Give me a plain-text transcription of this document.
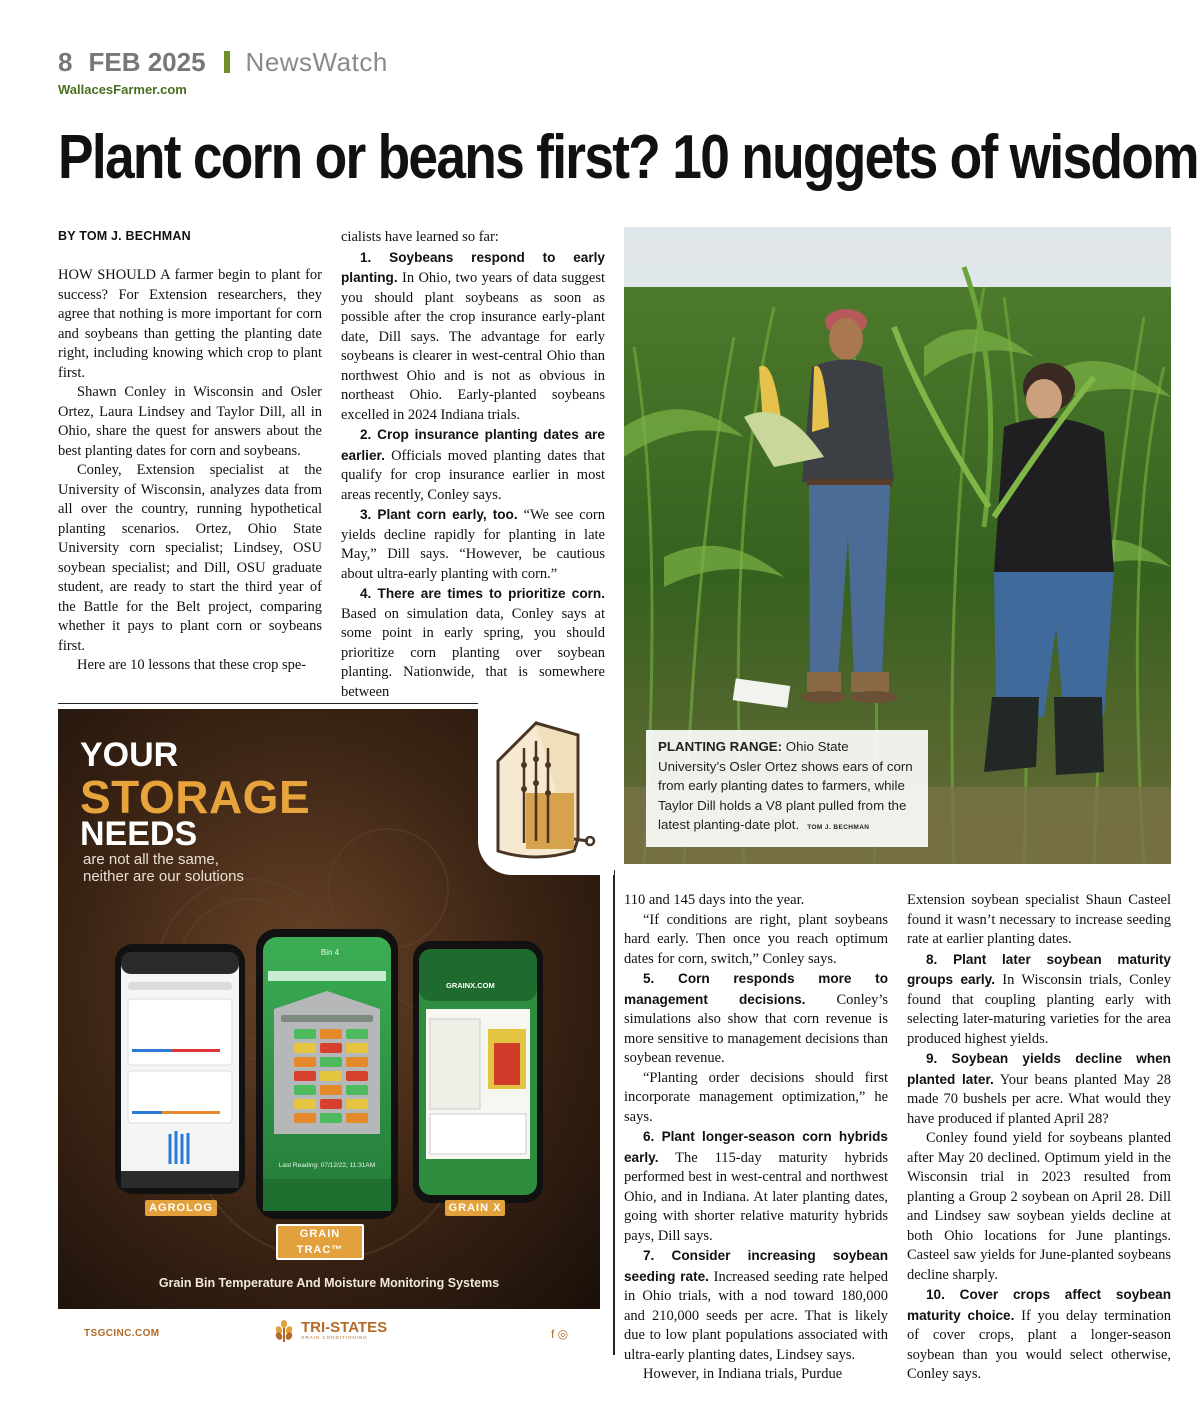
8 FEB 2025 NewsWatch
WallacesFarmer.com
Plant corn or beans first? 10 nuggets of wisdom
BY TOM J. BECHMAN

HOW SHOULD A farmer begin to plant for success? For Extension researchers, they agree that nothing is more important for corn and soybeans than getting the planting date right, including knowing which crop to plant first.

Shawn Conley in Wisconsin and Osler Ortez, Laura Lindsey and Taylor Dill, all in Ohio, share the quest for answers about the best planting dates for corn and soybeans.

Conley, Extension specialist at the University of Wisconsin, analyzes data from all over the country, running hypothetical planting scenarios. Ortez, Ohio State University corn specialist; Lindsey, OSU soybean specialist; and Dill, OSU graduate student, are ready to start the third year of the Battle for the Belt project, comparing whether it pays to plant corn or soybeans first.

Here are 10 lessons that these crop spe-

cialists have learned so far:

1. Soybeans respond to early planting. In Ohio, two years of data suggest you should plant soybeans as soon as possible after the crop insurance early-plant date, Dill says. The advantage for early soybeans is clearer in west-central Ohio than northwest Ohio and is not as obvious in northeast Ohio. Early-planted soybeans excelled in 2024 Indiana trials.

2. Crop insurance planting dates are earlier. Officials moved planting dates that qualify for crop insurance earlier in most areas recently, Conley says.

3. Plant corn early, too. “We see corn yields decline rapidly for planting in late May,” Dill says. “However, be cautious about ultra-early planting with corn.”

4. There are times to prioritize corn. Based on simulation data, Conley says at some point in early spring, you should prioritize corn planting over soybean planting. Nationwide, that is somewhere between

PLANTING RANGE: Ohio State University’s Osler Ortez shows ears of corn from early planting dates to farmers, while Taylor Dill holds a V8 plant pulled from the latest planting-date plot. TOM J. BECHMAN
YOUR
STORAGE
NEEDS
are not all the same,
neither are our solutions
Bin 4
Last Reading: 07/12/22, 11:31AM
GRAINX.COM
AGROLOG
GRAIN TRAC™
GRAIN X
Grain Bin Temperature And Moisture Monitoring Systems
TSGCINC.COM
	TRI-STATES
GRAIN CONDITIONING	f ◎

110 and 145 days into the year.

“If conditions are right, plant soybeans hard early. Then once you reach optimum dates for corn, switch,” Conley says.

5. Corn responds more to management decisions. Conley’s simulations also show that corn revenue is more sensitive to management decisions than soybean revenue.

“Planting order decisions should first incorporate management optimization,” he says.

6. Plant longer-season corn hybrids early. The 115-day maturity hybrids performed best in west-central and northwest Ohio, and in Indiana. At later planting dates, going with shorter relative maturity hybrids pays, Dill says.

7. Consider increasing soybean seeding rate. Increased seeding rate helped in Ohio trials, with a nod toward 180,000 and 210,000 seeds per acre. That is likely due to low plant populations associated with ultra-early planting dates, Lindsey says.

However, in Indiana trials, Purdue

Extension soybean specialist Shaun Casteel found it wasn’t necessary to increase seeding rate at earlier planting dates.

8. Plant later soybean maturity groups early. In Wisconsin trials, Conley found that coupling planting early with selecting later-maturing varieties for the area produced highest yields.

9. Soybean yields decline when planted later. Your beans planted May 28 made 70 bushels per acre. What would they have produced if planted April 28?

Conley found yield for soybeans planted after May 20 declined. Optimum yield in the Wisconsin trial in 2023 resulted from planting a Group 2 soybean on April 28. Dill and Lindsey saw soybean yields decline at both Ohio locations for June plantings. Casteel saw yields for June-planted soybeans decline sharply.

10. Cover crops affect soybean maturity choice. If you delay termination of cover crops, plant a longer-season soybean than you would select otherwise, Conley says.
